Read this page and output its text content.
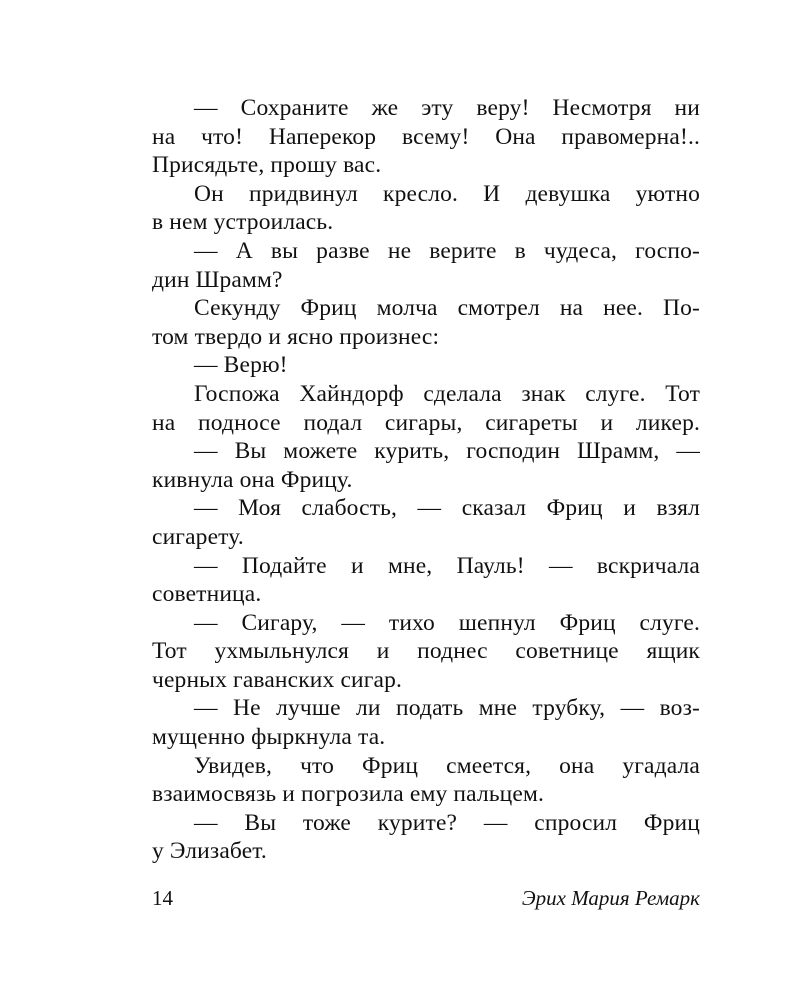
— Сохраните же эту веру! Несмотря ни
на что! Наперекор всему! Она правомерна!..
Присядьте, прошу вас.
Он придвинул кресло. И девушка уютно
в нем устроилась.
— А вы разве не верите в чудеса, госпо-
дин Шрамм?
Секунду Фриц молча смотрел на нее. По-
том твердо и ясно произнес:
— Верю!
Госпожа Хайндорф сделала знак слуге. Тот
на подносе подал сигары, сигареты и ликер.
— Вы можете курить, господин Шрамм, —
кивнула она Фрицу.
— Моя слабость, — сказал Фриц и взял
сигарету.
— Подайте и мне, Пауль! — вскричала
советница.
— Сигару, — тихо шепнул Фриц слуге.
Тот ухмыльнулся и поднес советнице ящик
черных гаванских сигар.
— Не лучше ли подать мне трубку, — воз-
мущенно фыркнула та.
Увидев, что Фриц смеется, она угадала
взаимосвязь и погрозила ему пальцем.
— Вы тоже курите? — спросил Фриц
у Элизабет.
14	Эрих Мария Ремарк
